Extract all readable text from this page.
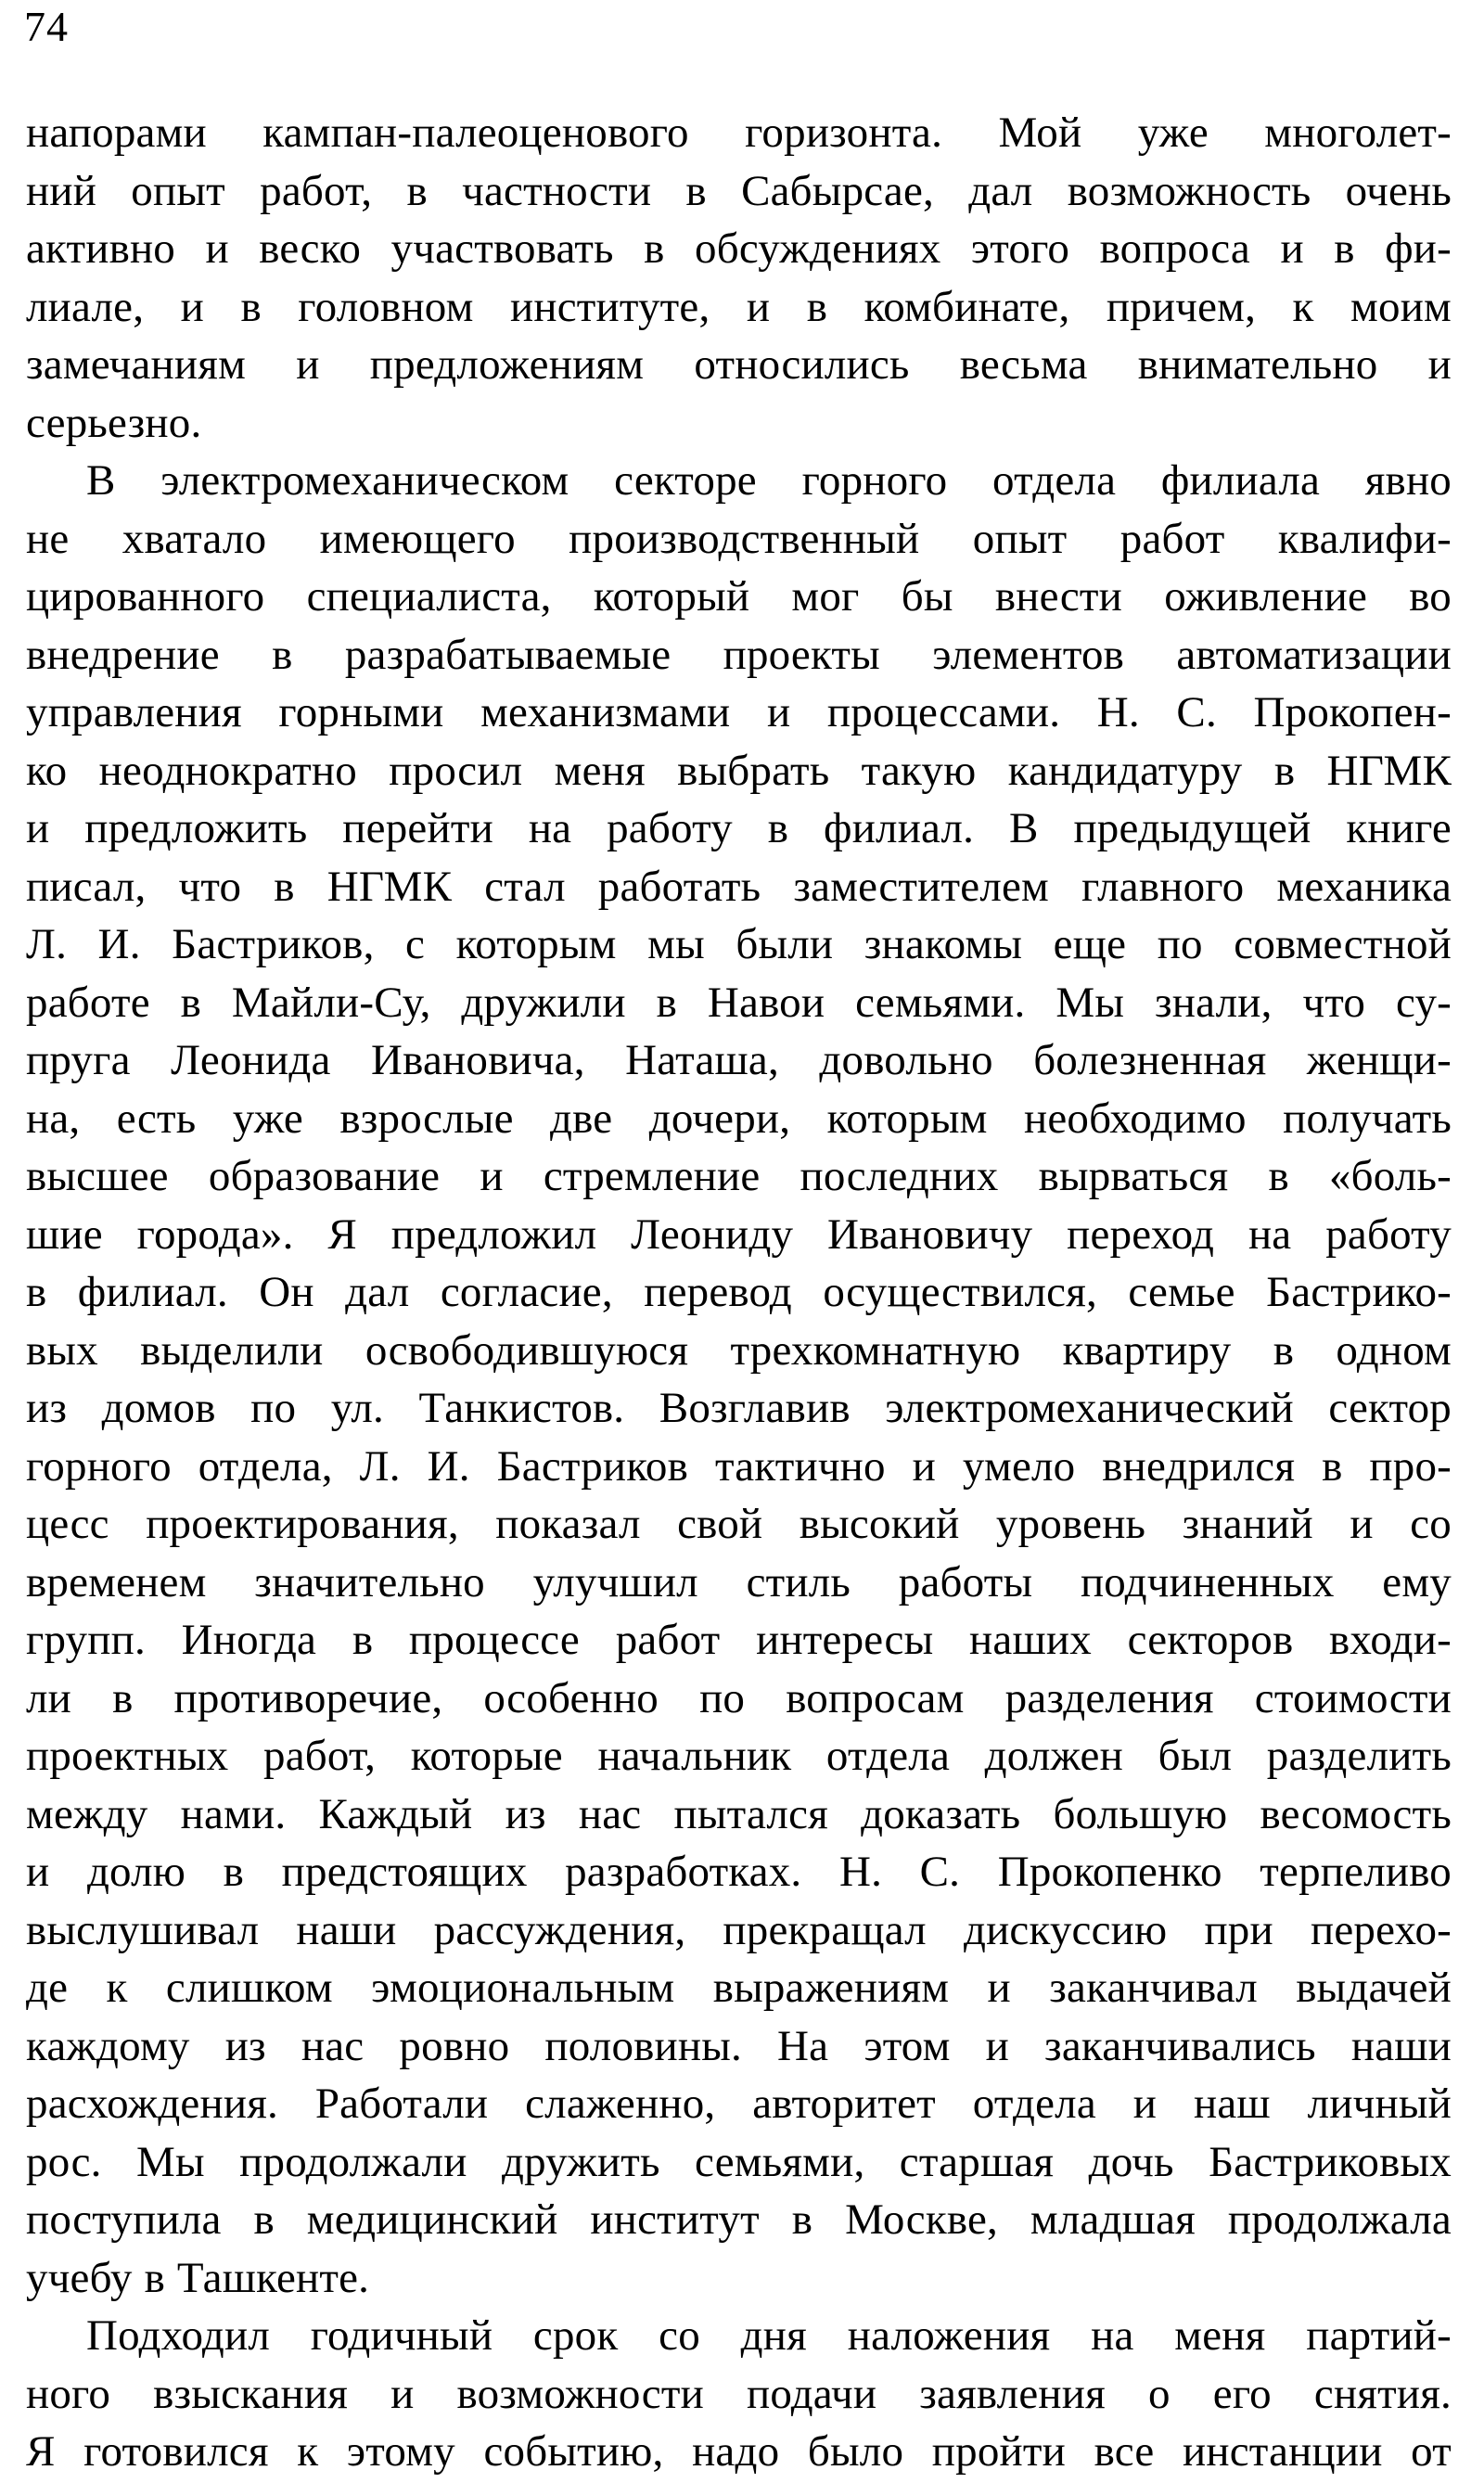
74
напорами кампан-палеоценового горизонта. Мой уже многолет-
ний опыт работ, в частности в Сабырсае, дал возможность очень
активно и веско участвовать в обсуждениях этого вопроса и в фи-
лиале, и в головном институте, и в комбинате, причем, к моим
замечаниям и предложениям относились весьма внимательно и
серьезно.
В электромеханическом секторе горного отдела филиала явно
не хватало имеющего производственный опыт работ квалифи-
цированного специалиста, который мог бы внести оживление во
внедрение в разрабатываемые проекты элементов автоматизации
управления горными механизмами и процессами. Н. С. Прокопен-
ко неоднократно просил меня выбрать такую кандидатуру в НГМК
и предложить перейти на работу в филиал. В предыдущей книге
писал, что в НГМК стал работать заместителем главного механика
Л. И. Бастриков, с которым мы были знакомы еще по совместной
работе в Майли-Су, дружили в Навои семьями. Мы знали, что су-
пруга Леонида Ивановича, Наташа, довольно болезненная женщи-
на, есть уже взрослые две дочери, которым необходимо получать
высшее образование и стремление последних вырваться в «боль-
шие города». Я предложил Леониду Ивановичу переход на работу
в филиал. Он дал согласие, перевод осуществился, семье Бастрико-
вых выделили освободившуюся трехкомнатную квартиру в одном
из домов по ул. Танкистов. Возглавив электромеханический сектор
горного отдела, Л. И. Бастриков тактично и умело внедрился в про-
цесс проектирования, показал свой высокий уровень знаний и со
временем значительно улучшил стиль работы подчиненных ему
групп. Иногда в процессе работ интересы наших секторов входи-
ли в противоречие, особенно по вопросам разделения стоимости
проектных работ, которые начальник отдела должен был разделить
между нами. Каждый из нас пытался доказать большую весомость
и долю в предстоящих разработках. Н. С. Прокопенко терпеливо
выслушивал наши рассуждения, прекращал дискуссию при перехо-
де к слишком эмоциональным выражениям и заканчивал выдачей
каждому из нас ровно половины. На этом и заканчивались наши
расхождения. Работали слаженно, авторитет отдела и наш личный
рос. Мы продолжали дружить семьями, старшая дочь Бастриковых
поступила в медицинский институт в Москве, младшая продолжала
учебу в Ташкенте.
Подходил годичный срок со дня наложения на меня партий-
ного взыскания и возможности подачи заявления о его снятия.
Я готовился к этому событию, надо было пройти все инстанции от
